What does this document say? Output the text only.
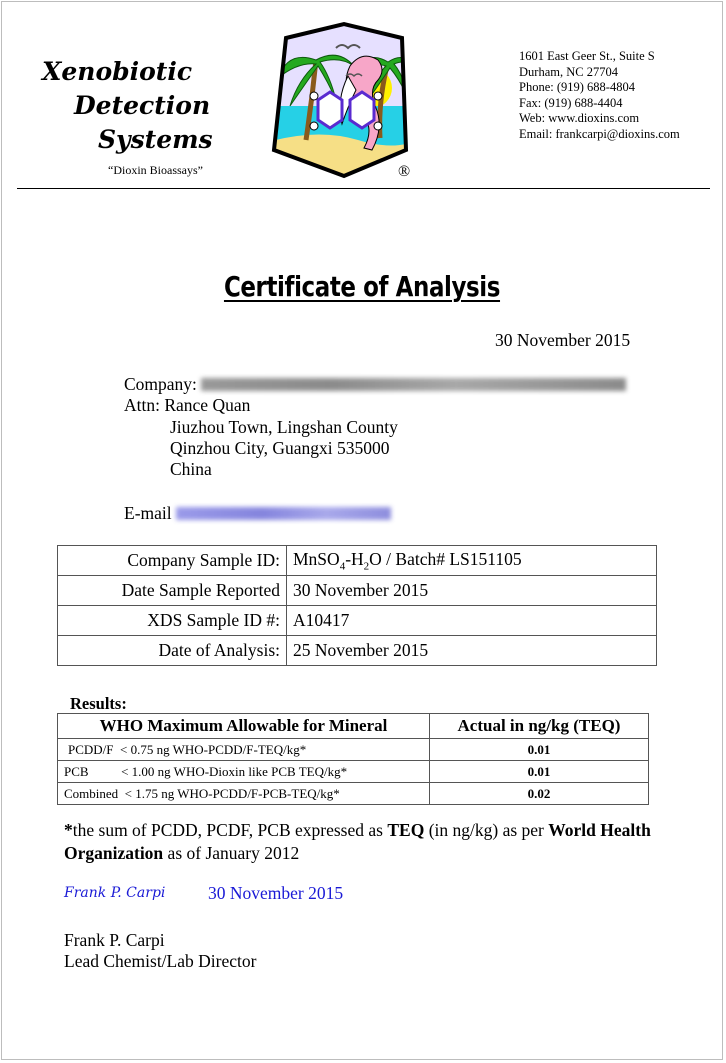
Xenobiotic
Detection
Systems
“Dioxin Bioassays”	®
1601 East Geer St., Suite S
Durham, NC 27704
Phone: (919) 688-4804
Fax: (919) 688-4404
Web: www.dioxins.com
Email: frankcarpi@dioxins.com
Certificate of Analysis
30 November 2015
Company:
Attn: Rance Quan
Jiuzhou Town, Lingshan County
Qinzhou City, Guangxi 535000
China
E-mail
Company Sample ID:	$MnSO_4-H_2O$ / Batch# LS151105
Date Sample Reported	30 November 2015
XDS Sample ID #:	A10417
Date of Analysis:	25 November 2015
Results:
WHO Maximum Allowable for Mineral	Actual in ng/kg (TEQ)
PCDD/F  < 0.75 ng WHO-PCDD/F-TEQ/kg*	0.01
PCB          < 1.00 ng WHO-Dioxin like PCB TEQ/kg*	0.01
Combined  < 1.75 ng WHO-PCDD/F-PCB-TEQ/kg*	0.02
*the sum of PCDD, PCDF, PCB expressed as TEQ (in ng/kg) as per World Health Organization as of January 2012
Frank P. Carpi 30 November 2015
Frank P. Carpi
Lead Chemist/Lab Director
